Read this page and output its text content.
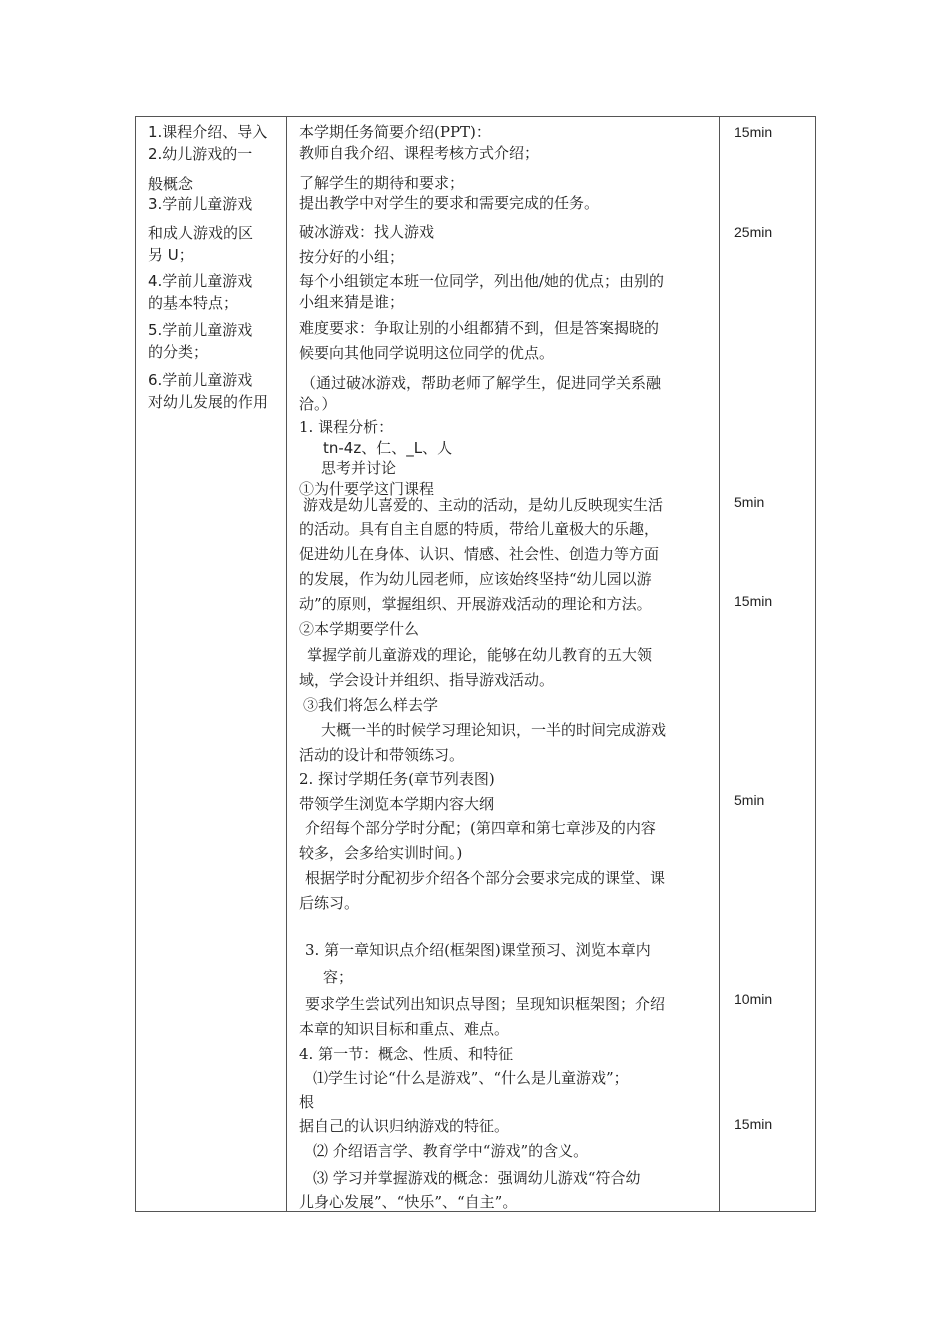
1.课程介绍、导入
2.幼儿游戏的一
般概念
3.学前儿童游戏
和成人游戏的区
另 U；
4.学前儿童游戏
的基本特点；
5.学前儿童游戏
的分类；
6.学前儿童游戏
对幼儿发展的作用
本学期任务简要介绍(PPT)：
教师自我介绍、课程考核方式介绍；
了解学生的期待和要求；
提出教学中对学生的要求和需要完成的任务。
破冰游戏：找人游戏
按分好的小组；
每个小组锁定本班一位同学，列出他/她的优点；由别的
小组来猜是谁；
难度要求：争取让别的小组都猜不到，但是答案揭晓的
候要向其他同学说明这位同学的优点。
（通过破冰游戏，帮助老师了解学生，促进同学关系融
洽。）
1. 课程分析：
tn-4z、仁、_L、人
思考并讨论
①为什要学这门课程
游戏是幼儿喜爱的、主动的活动，是幼儿反映现实生活
的活动。具有自主自愿的特质，带给儿童极大的乐趣，
促进幼儿在身体、认识、情感、社会性、创造力等方面
的发展，作为幼儿园老师，应该始终坚持“幼儿园以游
动”的原则，掌握组织、开展游戏活动的理论和方法。
②本学期要学什么
掌握学前儿童游戏的理论，能够在幼儿教育的五大领
域，学会设计并组织、指导游戏活动。
③我们将怎么样去学
大概一半的时候学习理论知识，一半的时间完成游戏
活动的设计和带领练习。
2. 探讨学期任务(章节列表图)
带领学生浏览本学期内容大纲
介绍每个部分学时分配；(第四章和第七章涉及的内容
较多，会多给实训时间。)
根据学时分配初步介绍各个部分会要求完成的课堂、课
后练习。
3. 第一章知识点介绍(框架图)课堂预习、浏览本章内
容；
要求学生尝试列出知识点导图；呈现知识框架图；介绍
本章的知识目标和重点、难点。
4. 第一节：概念、性质、和特征
⑴学生讨论“什么是游戏”、“什么是儿童游戏”；
根
据自己的认识归纳游戏的特征。
⑵ 介绍语言学、教育学中“游戏”的含义。
⑶ 学习并掌握游戏的概念：强调幼儿游戏“符合幼
儿身心发展”、“快乐”、“自主”。
15min
25min
5min
15min
5min
10min
15min
